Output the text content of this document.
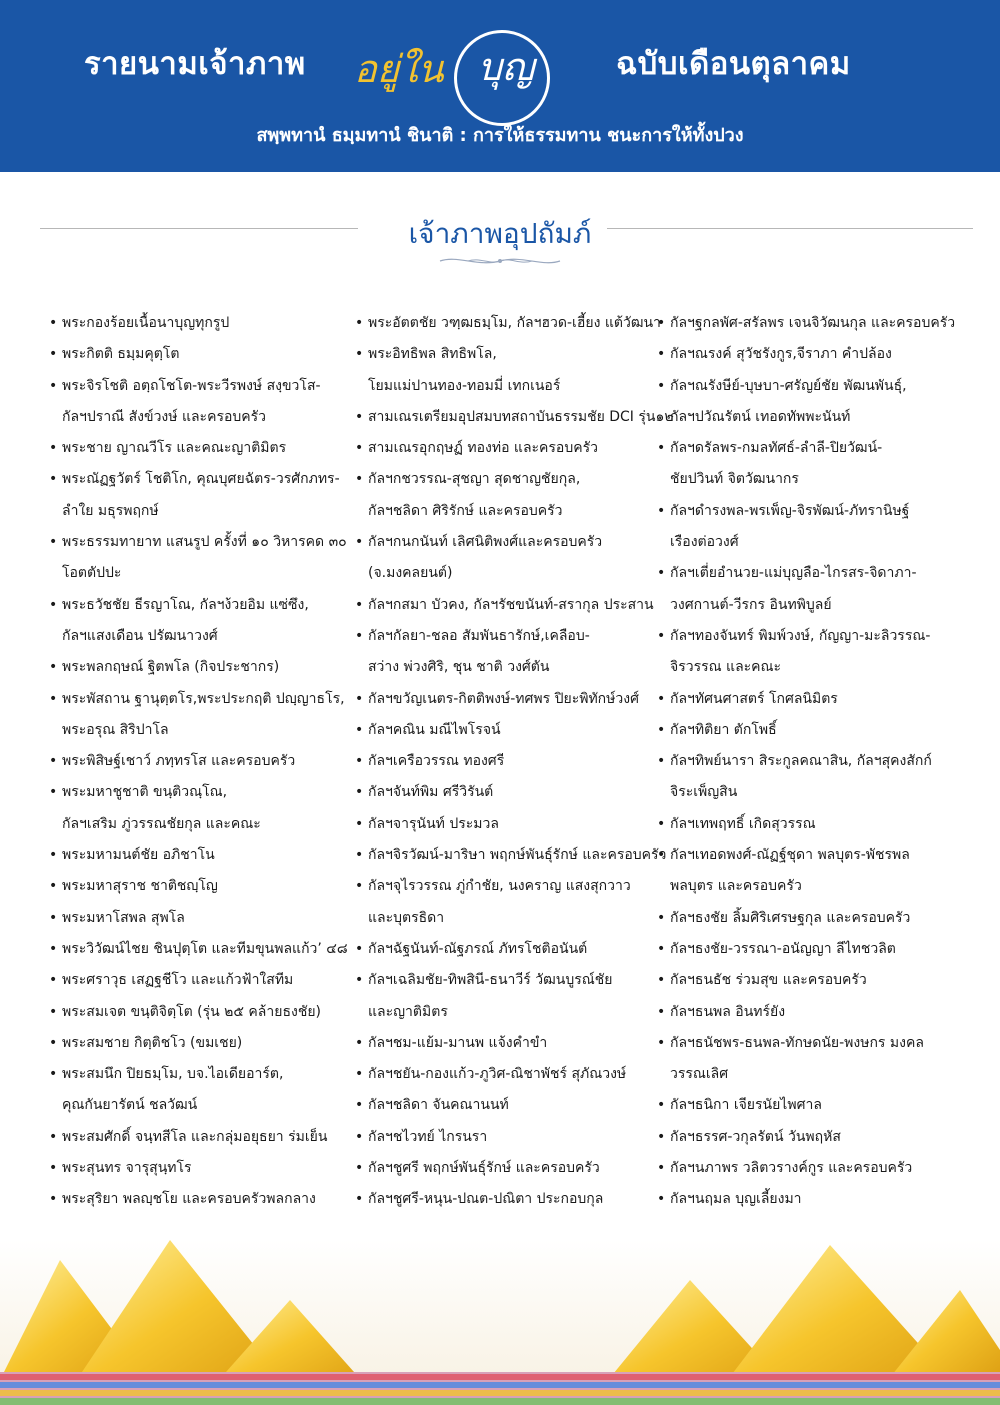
รายนามเจ้าภาพ อยู่ใน บุญ	ฉบับเดือนตุลาคม
สพฺพทานํ ธมฺมทานํ ชินาติ : การให้ธรรมทาน ชนะการให้ทั้งปวง
เจ้าภาพอุปถัมภ์
• พระกองร้อยเนื้อนาบุญทุกรูป
• พระกิตติ ธมฺมคุตฺโต
• พระจิรโชติ อตฺถโชโต-พระวีรพงษ์ สงฺขวโส-
กัลฯปราณี สังข์วงษ์ และครอบครัว
• พระชาย ญาณวีโร และคณะญาติมิตร
• พระณัฏฐวัตร์ โชติโก, คุณบุศยฉัตร-วรศักภทร-
ลำใย มธุรพฤกษ์
• พระธรรมทายาท แสนรูป ครั้งที่ ๑๐ วิหารคด ๓๐
โอตตัปปะ
• พระธวัชชัย ธีรญาโณ, กัลฯง้วยอิม แซ่ซึง,
กัลฯแสงเดือน ปรัฒนาวงศ์
• พระพลกฤษณ์ ฐิตพโล (กิจประชากร)
• พระพัสถาน ฐานุตฺตโร,พระประกฤติ ปญฺญาธโร,
พระอรุณ สิริปาโล
• พระพิสิษฐ์เชาว์ ภทฺทรโส และครอบครัว
• พระมหาชูชาติ ขนฺติวณฺโณ,
กัลฯเสริม ภู่วรรณชัยกุล และคณะ
• พระมหามนต์ชัย อภิชาโน
• พระมหาสุราช ชาติชญฺโญ
• พระมหาโสพล สุพโล
• พระวิวัฒน์ไชย ชินปุตฺโต และทีมขุนพลแก้ว’ ๔๘
• พระศราวุธ เสฏฐชีโว และแก้วฟ้าใสทีม
• พระสมเจต ขนฺติจิตฺโต (รุ่น ๒๕ คล้ายธงชัย)
• พระสมชาย กิตฺติชโว (ขมเชย)
• พระสมนึก ปิยธมฺโม, บจ.ไอเดียอาร์ต,
คุณกันยารัตน์ ชลวัฒน์
• พระสมศักดิ์ จนฺทสีโล และกลุ่มอยุธยา ร่มเย็น
• พระสุนทร จารุสุนฺทโร
• พระสุริยา พลญฺชโย และครอบครัวพลกลาง
• พระอัตตชัย วฑฺฒธมฺโม, กัลฯฮวด-เฮี้ยง แต้วัฒนา
• พระอิทธิพล สิทธิพโล,
โยมแม่ปานทอง-ทอมมี่ เทกเนอร์
• สามเณรเตรียมอุปสมบทสถาบันธรรมชัย DCI รุ่น๑๒
• สามเณรอุกฤษฏ์ ทองท่อ และครอบครัว
• กัลฯกชวรรณ-สุชญา สุดชาญชัยกุล,
กัลฯชลิดา ศิริรักษ์ และครอบครัว
• กัลฯกนกนันท์ เลิศนิติพงศ์และครอบครัว
(จ.มงคลยนต์)
• กัลฯกสมา บัวคง, กัลฯรัชขนันท์-สรากุล ประสาน
• กัลฯกัลยา-ชลอ สัมพันธารักษ์,เคลือบ-
สว่าง พ่วงศิริ, ชุน ชาติ วงศ์ตัน
• กัลฯขวัญเนตร-กิตติพงษ์-ทศพร ปิยะพิทักษ์วงศ์
• กัลฯคณิน มณีไพโรจน์
• กัลฯเครือวรรณ ทองศรี
• กัลฯจันท์พิม ศรีวิรันต์
• กัลฯจารุนันท์ ประมวล
• กัลฯจิรวัฒน์-มาริษา พฤกษ์พันธุ์รักษ์ และครอบครัว
• กัลฯจุไรวรรณ ภู่กำชัย, นงคราญ แสงสุกวาว
และบุตรธิดา
• กัลฯฉัฐนันท์-ณัฐภรณ์ ภัทรโชติอนันต์
• กัลฯเฉลิมชัย-ทิพสินี-ธนาวีร์ วัฒนบูรณ์ชัย
และญาติมิตร
• กัลฯชม-แย้ม-มานพ แจ้งคำขำ
• กัลฯชยัน-กองแก้ว-ภูวิศ-ณิชาพัชร์ สุภัณวงษ์
• กัลฯชลิดา จันคณานนท์
• กัลฯชไวทย์ ไกรนรา
• กัลฯชูศรี พฤกษ์พันธุ์รักษ์ และครอบครัว
• กัลฯชูศรี-หนุน-ปณต-ปณิตา ประกอบกุล
• กัลฯฐกลพัศ-สรัลพร เจนจิวัฒนกุล และครอบครัว
• กัลฯณรงค์ สุวัชรังกูร,จีราภา คำปล้อง
• กัลฯณรังษีย์-บุษบา-ศรัญย์ชัย พัฒนพันธุ์,
กัลฯปวัณรัตน์ เทอดทัพพะนันท์
• กัลฯดรัลพร-กมลทัศธ์-ลำลี-ปิยวัฒน์-
ชัยปวินท์ จิตวัฒนากร
• กัลฯดำรงพล-พรเพ็ญ-จิรพัฒน์-ภัทรานิษฐ์
เรืองต่อวงศ์
• กัลฯเตี่ยอำนวย-แม่บุญลือ-ไกรสร-จิดาภา-
วงศกานต์-วีรกร อินทพิบูลย์
• กัลฯทองจันทร์ พิมพ์วงษ์, กัญญา-มะลิวรรณ-
จิรวรรณ และคณะ
• กัลฯทัศนศาสตร์ โกศลนิมิตร
• กัลฯทิติยา ตักโพธิ์
• กัลฯทิพย์นารา สิระกูลคณาสิน, กัลฯสุคงสักก์
จิระเพ็ญสิน
• กัลฯเทพฤทธิ์ เกิดสุวรรณ
• กัลฯเทอดพงศ์-ณัฏฐ์ชุดา พลบุตร-พัชรพล
พลบุตร และครอบครัว
• กัลฯธงชัย ลิ้มศิริเศรษฐกุล และครอบครัว
• กัลฯธงชัย-วรรณา-อนัญญา ลีไทชวลิต
• กัลฯธนธัช ร่วมสุข และครอบครัว
• กัลฯธนพล อินทร์ยัง
• กัลฯธนัชพร-ธนพล-ทักษดนัย-พงษกร มงคล
วรรณเลิศ
• กัลฯธนิกา เจียรนัยไพศาล
• กัลฯธรรศ-วกุลรัตน์ วันพฤหัส
• กัลฯนภาพร วลิตวรางค์กูร และครอบครัว
• กัลฯนฤมล บุญเลี้ยงมา
